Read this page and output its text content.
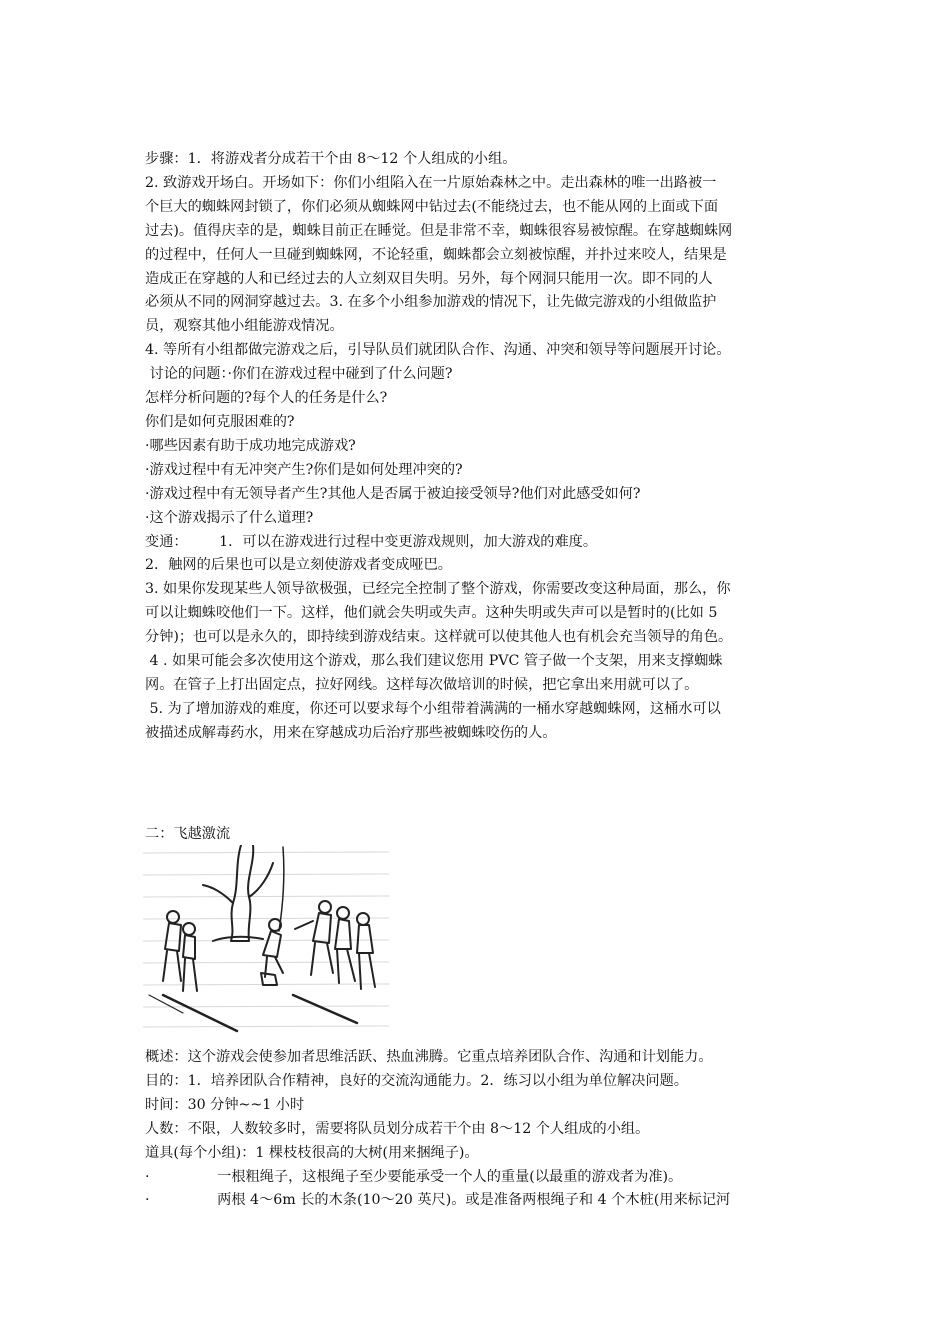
步骤：1．将游戏者分成若干个由 8～12 个人组成的小组。
2. 致游戏开场白。开场如下：你们小组陷入在一片原始森林之中。走出森林的唯一出路被一
个巨大的蜘蛛网封锁了，你们必须从蜘蛛网中钻过去(不能绕过去，也不能从网的上面或下面
过去)。值得庆幸的是，蜘蛛目前正在睡觉。但是非常不幸，蜘蛛很容易被惊醒。在穿越蜘蛛网
的过程中，任何人一旦碰到蜘蛛网，不论轻重，蜘蛛都会立刻被惊醒，并扑过来咬人，结果是
造成正在穿越的人和已经过去的人立刻双目失明。另外，每个网洞只能用一次。即不同的人
必须从不同的网洞穿越过去。3. 在多个小组参加游戏的情况下，让先做完游戏的小组做监护
员，观察其他小组能游戏情况。
4. 等所有小组都做完游戏之后，引导队员们就团队合作、沟通、冲突和领导等问题展开讨论。
讨论的问题：·你们在游戏过程中碰到了什么问题?
怎样分析问题的?每个人的任务是什么?
你们是如何克服困难的?
·哪些因素有助于成功地完成游戏?
·游戏过程中有无冲突产生?你们是如何处理冲突的?
·游戏过程中有无领导者产生?其他人是否属于被迫接受领导?他们对此感受如何?
·这个游戏揭示了什么道理?
变通：       1．可以在游戏进行过程中变更游戏规则，加大游戏的难度。
2．触网的后果也可以是立刻使游戏者变成哑巴。
3. 如果你发现某些人领导欲极强，已经完全控制了整个游戏，你需要改变这种局面，那么，你
可以让蜘蛛咬他们一下。这样，他们就会失明或失声。这种失明或失声可以是暂时的(比如 5
分钟)；也可以是永久的，即持续到游戏结束。这样就可以使其他人也有机会充当领导的角色。
4 . 如果可能会多次使用这个游戏，那么我们建议您用 PVC 管子做一个支架，用来支撑蜘蛛
网。在管子上打出固定点，拉好网线。这样每次做培训的时候，把它拿出来用就可以了。
5. 为了增加游戏的难度，你还可以要求每个小组带着满满的一桶水穿越蜘蛛网，这桶水可以
被描述成解毒药水，用来在穿越成功后治疗那些被蜘蛛咬伤的人。
二：飞越激流
概述：这个游戏会使参加者思维活跃、热血沸腾。它重点培养团队合作、沟通和计划能力。
目的：1．培养团队合作精神，良好的交流沟通能力。2．练习以小组为单位解决问题。
时间：30 分钟~~1 小时
人数：不限，人数较多时，需要将队员划分成若干个由 8～12 个人组成的小组。
道具(每个小组)：1 棵枝枝很高的大树(用来捆绳子)。
·               一根粗绳子，这根绳子至少要能承受一个人的重量(以最重的游戏者为准)。
·               两根 4～6m 长的木条(10～20 英尺)。或是准备两根绳子和 4 个木桩(用来标记河
